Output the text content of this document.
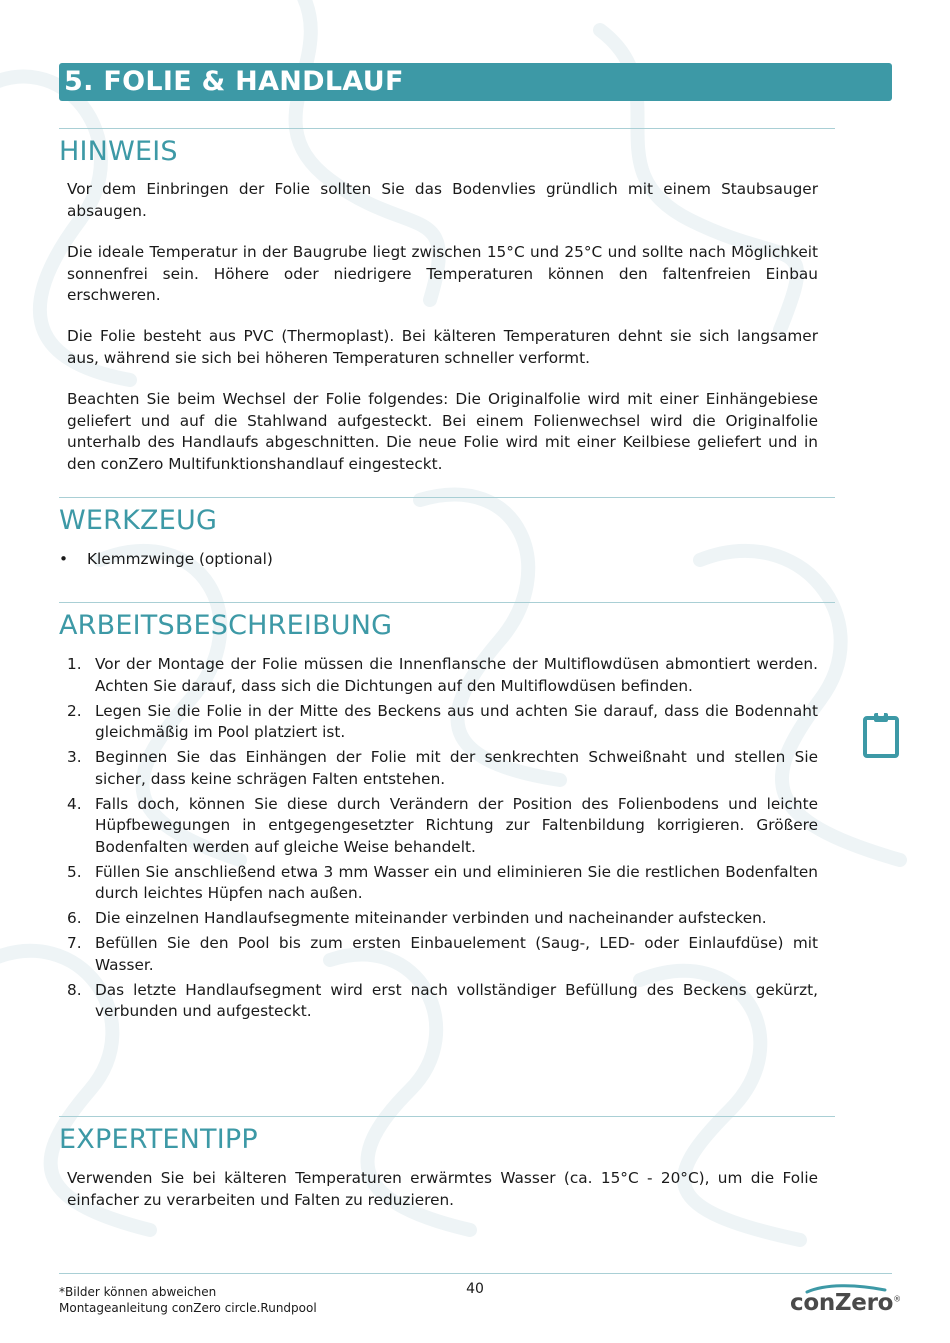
5. FOLIE & HANDLAUF
HINWEIS

Vor dem Einbringen der Folie sollten Sie das Bodenvlies gründlich mit einem Staubsauger absaugen.

Die ideale Temperatur in der Baugrube liegt zwischen 15°C und 25°C und sollte nach Möglichkeit sonnenfrei sein. Höhere oder niedrigere Temperaturen können den faltenfreien Einbau erschweren.

Die Folie besteht aus PVC (Thermoplast). Bei kälteren Temperaturen dehnt sie sich langsamer aus, während sie sich bei höheren Temperaturen schneller verformt.

Beachten Sie beim Wechsel der Folie folgendes: Die Originalfolie wird mit einer Einhängebiese geliefert und auf die Stahlwand aufgesteckt. Bei einem Folienwechsel wird die Originalfolie unterhalb des Handlaufs abgeschnitten. Die neue Folie wird mit einer Keilbiese geliefert und in den conZero Multifunktionshandlauf eingesteckt.

WERKZEUG
• Klemmzwinge (optional)
ARBEITSBESCHREIBUNG
1. Vor der Montage der Folie müssen die Innenflansche der Multiflowdüsen abmontiert werden. Achten Sie darauf, dass sich die Dichtungen auf den Multiflowdüsen befinden.
2. Legen Sie die Folie in der Mitte des Beckens aus und achten Sie darauf, dass die Bodennaht gleichmäßig im Pool platziert ist.
3. Beginnen Sie das Einhängen der Folie mit der senkrechten Schweißnaht und stellen Sie sicher, dass keine schrägen Falten entstehen.
4. Falls doch, können Sie diese durch Verändern der Position des Folienbodens und leichte Hüpfbewegungen in entgegengesetzter Richtung zur Faltenbildung korrigieren. Größere Bodenfalten werden auf gleiche Weise behandelt.
5. Füllen Sie anschließend etwa 3 mm Wasser ein und eliminieren Sie die restlichen Bodenfalten durch leichtes Hüpfen nach außen.
6. Die einzelnen Handlaufsegmente miteinander verbinden und nacheinander aufstecken.
7. Befüllen Sie den Pool bis zum ersten Einbauelement (Saug-, LED- oder Einlaufdüse) mit Wasser.
8. Das letzte Handlaufsegment wird erst nach vollständiger Befüllung des Beckens gekürzt, verbunden und aufgesteckt.
EXPERTENTIPP

Verwenden Sie bei kälteren Temperaturen erwärmtes Wasser (ca. 15°C - 20°C), um die Folie einfacher zu verarbeiten und Falten zu reduzieren.

*Bilder können abweichen
Montageanleitung conZero circle.Rundpool
40
conZero®
